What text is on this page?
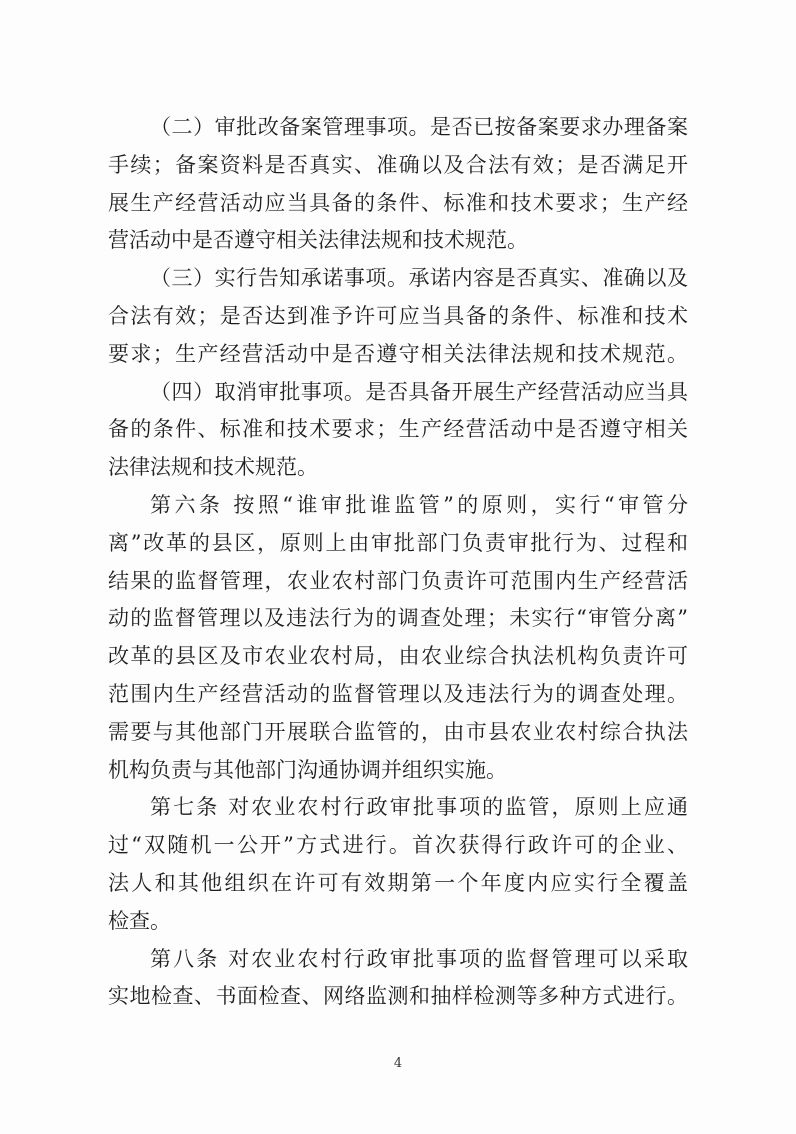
（二）审批改备案管理事项。是否已按备案要求办理备案
手续；备案资料是否真实、准确以及合法有效；是否满足开
展生产经营活动应当具备的条件、标准和技术要求；生产经
营活动中是否遵守相关法律法规和技术规范。
（三）实行告知承诺事项。承诺内容是否真实、准确以及
合法有效；是否达到准予许可应当具备的条件、标准和技术
要求；生产经营活动中是否遵守相关法律法规和技术规范。
（四）取消审批事项。是否具备开展生产经营活动应当具
备的条件、标准和技术要求；生产经营活动中是否遵守相关
法律法规和技术规范。
第六条 按照“谁审批谁监管”的原则，实行“审管分
离”改革的县区，原则上由审批部门负责审批行为、过程和
结果的监督管理，农业农村部门负责许可范围内生产经营活
动的监督管理以及违法行为的调查处理；未实行“审管分离”
改革的县区及市农业农村局，由农业综合执法机构负责许可
范围内生产经营活动的监督管理以及违法行为的调查处理。
需要与其他部门开展联合监管的，由市县农业农村综合执法
机构负责与其他部门沟通协调并组织实施。
第七条 对农业农村行政审批事项的监管，原则上应通
过“双随机一公开”方式进行。首次获得行政许可的企业、
法人和其他组织在许可有效期第一个年度内应实行全覆盖
检查。
第八条 对农业农村行政审批事项的监督管理可以采取
实地检查、书面检查、网络监测和抽样检测等多种方式进行。
4
